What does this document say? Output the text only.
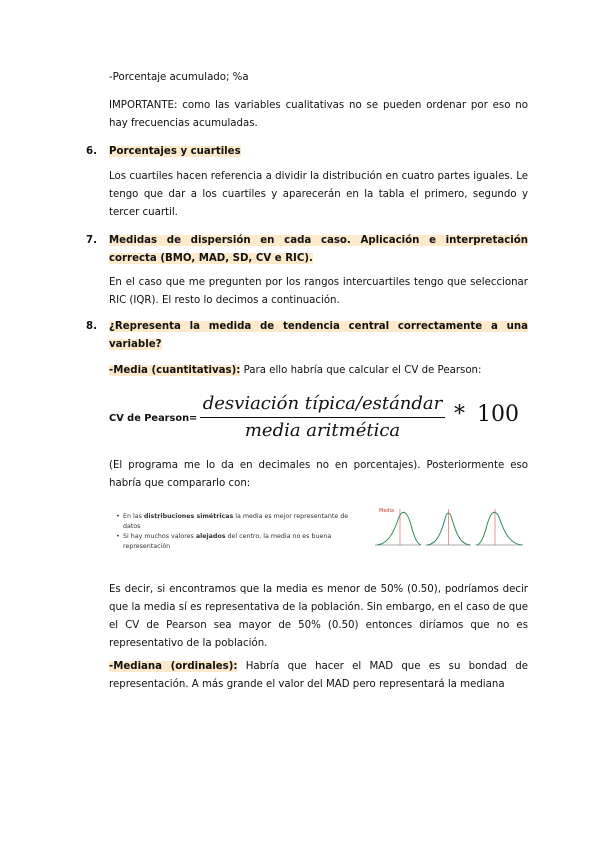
-Porcentaje acumulado; %a
IMPORTANTE: como las variables cualitativas no se pueden ordenar por eso no hay frecuencias acumuladas.
6. Porcentajes y cuartiles
Los cuartiles hacen referencia a dividir la distribución en cuatro partes iguales. Le tengo que dar a los cuartiles y aparecerán en la tabla el primero, segundo y tercer cuartil.
7. Medidas de dispersión en cada caso. Aplicación e interpretación correcta (BMO, MAD, SD, CV e RIC).
En el caso que me pregunten por los rangos intercuartiles tengo que seleccionar RIC (IQR). El resto lo decimos a continuación.
8. ¿Representa la medida de tendencia central correctamente a una variable?
-Media (cuantitativas): Para ello habría que calcular el CV de Pearson:
CV de Pearson=
desviación típica/estándar
media aritmética
* 100
(El programa me lo da en decimales no en porcentajes). Posteriormente eso habría que compararlo con:
• En las distribuciones simétricas la media es mejor representante de datos
• Si hay muchos valores alejados del centro, la media no es buena representación
Media
Es decir, si encontramos que la media es menor de 50% (0.50), podríamos decir que la media sí es representativa de la población. Sin embargo, en el caso de que el CV de Pearson sea mayor de 50% (0.50) entonces diríamos que no es representativo de la población.
-Mediana (ordinales): Habría que hacer el MAD que es su bondad de representación. A más grande el valor del MAD pero representará la mediana
